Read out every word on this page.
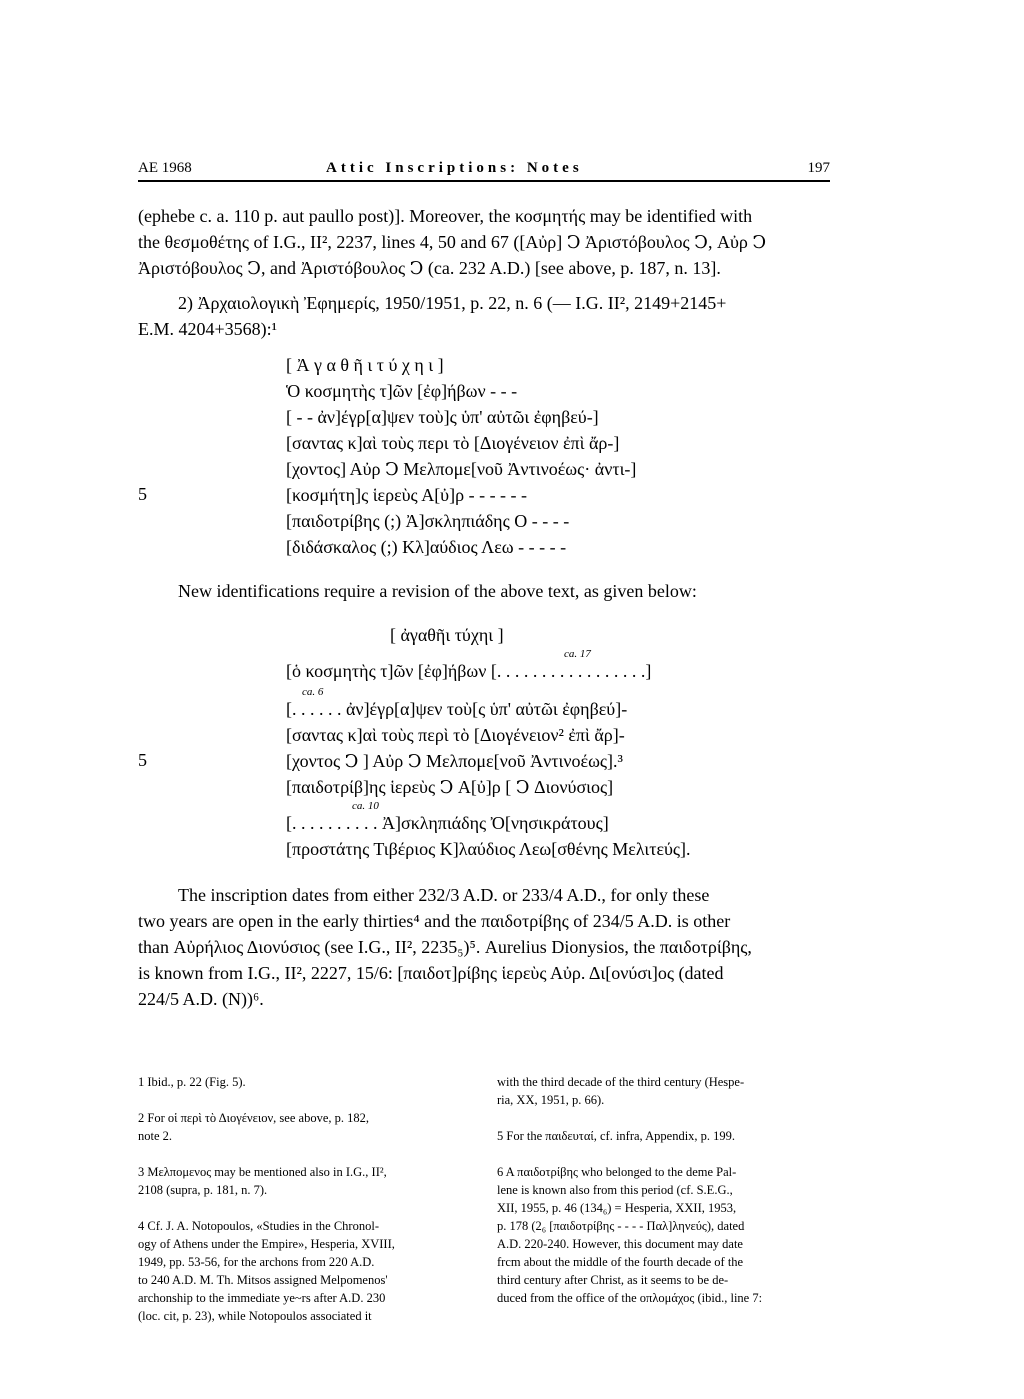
AE 1968	Attic Inscriptions: Notes	197
(ephebe c. a. 110 p. aut paullo post)]. Moreover, the κοσμητής may be identified with
the θεσμοθέτης of I.G., II², 2237, lines 4, 50 and 67 ([Αὐρ] Ↄ Ἀριστόβουλος Ↄ, Αὐρ Ↄ
Ἀριστόβουλος Ↄ, and Ἀριστόβουλος Ↄ (ca. 232 A.D.) [see above, p. 187, n. 13].
2) Ἀρχαιολογικὴ Ἐφημερίς, 1950/1951, p. 22, n. 6 (— I.G. II², 2149+2145+
E.M. 4204+3568):¹
[ Ἀ γ α θ ῆ ι τ ύ χ η ι ]
Ὁ κοσμητὴς τ]ῶν [ἐφ]ήβων - - -
[ - - ἀν]έγρ[α]ψεν τοὺ]ς ὑπ' αὐτῶι ἐφηβεύ-]
[σαντας κ]αὶ τοὺς περι τὸ [Διογένειον ἐπὶ ἄρ-]
[χοντος] Αὐρ Ↄ Μελπομε[νοῦ Ἀντινοέως· ἀντι-]
5	[κοσμήτη]ς ἱερεὺς Α[ὐ]ρ - - - - - -
[παιδοτρίβης (;) Ἀ]σκληπιάδης Ο - - - -
[διδάσκαλος (;) Κλ]αύδιος Λεω - - - - -
New identifications require a revision of the above text, as given below:
[ ἀγαθῆι τύχηι ]
ca. 17
[ὁ κοσμητὴς τ]ῶν [ἐφ]ήβων [. . . . . . . . . . . . . . . . .]
ca. 6
[. . . . . . ἀν]έγρ[α]ψεν τοὺ[ς ὑπ' αὐτῶι ἐφηβεύ]-
[σαντας κ]αὶ τοὺς περὶ τὸ [Διογένειον² ἐπὶ ἄρ]-
5	[χοντος Ↄ ] Αὐρ Ↄ Μελπομε[νοῦ Ἀντινοέως].³
[παιδοτρίβ]ης ἱερεὺς Ↄ Α[ὐ]ρ [ Ↄ Διονύσιος]
ca. 10
[. . . . . . . . . . Ἀ]σκληπιάδης Ὀ[νησικράτους]
[προστάτης Τιβέριος Κ]λαύδιος Λεω[σθένης Μελιτεύς].
The inscription dates from either 232/3 A.D. or 233/4 A.D., for only these
two years are open in the early thirties⁴ and the παιδοτρίβης of 234/5 A.D. is other
than Αὐρήλιος Διονύσιος (see I.G., II², 2235₅)⁵. Aurelius Dionysios, the παιδοτρίβης,
is known from I.G., II², 2227, 15/6: [παιδοτ]ρίβης ἱερεὺς Αὐρ. Δι[ονύσι]ος (dated
224/5 A.D. (N))⁶.

1 Ibid., p. 22 (Fig. 5).

2 For οἱ περὶ τὸ Διογένειον, see above, p. 182,
note 2.

3 Μελπομενος may be mentioned also in I.G., II²,
2108 (supra, p. 181, n. 7).

4 Cf. J. A. Notopoulos, «Studies in the Chronol-
ogy of Athens under the Empire», Hesperia, XVIII,
1949, pp. 53-56, for the archons from 220 A.D.
to 240 A.D. M. Th. Mitsos assigned Melpomenos'
archonship to the immediate ye~rs after A.D. 230
(loc. cit, p. 23), while Notopoulos associated it

with the third decade of the third century (Hespe-
ria, XX, 1951, p. 66).

5 For the παιδευταί, cf. infra, Appendix, p. 199.

6 A παιδοτρίβης who belonged to the deme Pal-
lene is known also from this period (cf. S.E.G.,
XII, 1955, p. 46 (134₆) = Hesperia, XXII, 1953,
p. 178 (2₆ [παιδοτρίβης - - - - Παλ]ληνεύς), dated
A.D. 220-240. However, this document may date
frcm about the middle of the fourth decade of the
third century after Christ, as it seems to be de-
duced from the office of the οπλομάχος (ibid., line 7:
